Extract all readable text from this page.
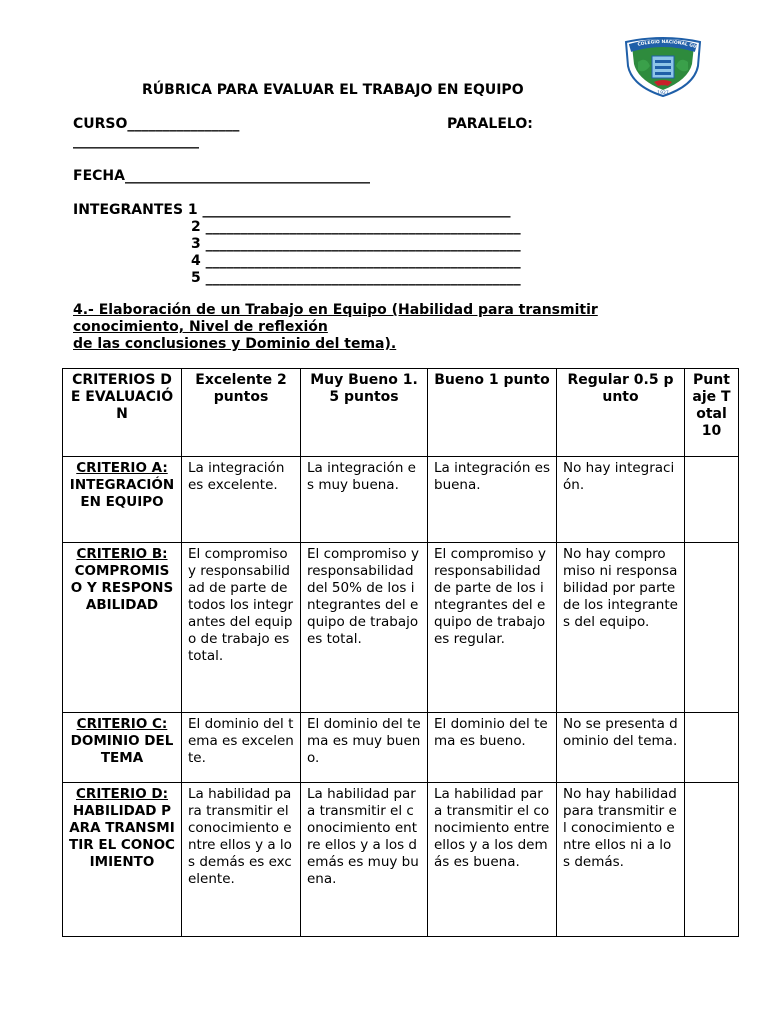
COLEGIO NACIONAL GU
1927
RÚBRICA PARA EVALUAR EL TRABAJO EN EQUIPO
CURSO________________	PARALELO:
__________________
FECHA___________________________________
INTEGRANTES 1 ____________________________________________
2 _____________________________________________
3 _____________________________________________
4 _____________________________________________
5 _____________________________________________
4.- Elaboración de un Trabajo en Equipo (Habilidad para transmitir
conocimiento, Nivel de reflexión
de las conclusiones y Dominio del tema).
CRITERIOS DE EVALUACIÓN	Excelente 2 puntos	Muy Bueno 1.5 puntos	Bueno 1 punto	Regular 0.5 punto	Puntaje Total 10

CRITERIO A:
INTEGRACIÓN EN EQUIPO	La integración es excelente.	La integración es muy buena.	La integración es buena.	No hay integración.	

CRITERIO B:
COMPROMISO Y RESPONSABILIDAD	El compromiso y responsabilidad de parte de todos los integrantes del equipo de trabajo es total.	El compromiso y responsabilidad del 50% de los integrantes del equipo de trabajo es total.	El compromiso y responsabilidad de parte de los integrantes del equipo de trabajo es regular.	No hay compromiso ni responsabilidad por parte de los integrantes del equipo.	

CRITERIO C:
DOMINIO DEL TEMA	El dominio del tema es excelente.	El dominio del tema es muy bueno.	El dominio del tema es bueno.	No se presenta dominio del tema.	

CRITERIO D:
HABILIDAD PARA TRANSMITIR EL CONOCIMIENTO	La habilidad para transmitir el conocimiento entre ellos y a los demás es excelente.	La habilidad para transmitir el conocimiento entre ellos y a los demás es muy buena.	La habilidad para transmitir el conocimiento entre ellos y a los demás es buena.	No hay habilidad para transmitir el conocimiento entre ellos ni a los demás.	
